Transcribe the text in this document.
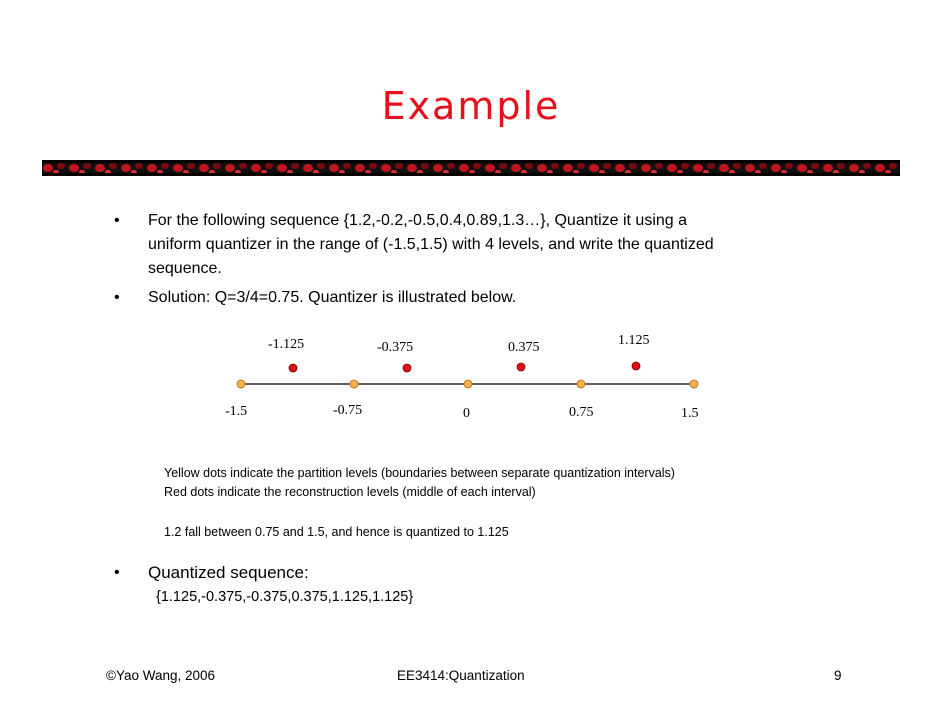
Example
• For the following sequence {1.2,-0.2,-0.5,0.4,0.89,1.3…}, Quantize it using a
uniform quantizer in the range of (-1.5,1.5) with 4 levels, and write the quantized
sequence.
• Solution: Q=3/4=0.75. Quantizer is illustrated below.
-1.125	-0.375	0.375	1.125
-1.5	-0.75	0	0.75	1.5
Yellow dots indicate the partition levels (boundaries between separate quantization intervals)
Red dots indicate the reconstruction levels (middle of each interval)
1.2 fall between 0.75 and 1.5, and hence is quantized to 1.125
• Quantized sequence:
{1.125,-0.375,-0.375,0.375,1.125,1.125}
©Yao Wang, 2006	EE3414:Quantization	9
